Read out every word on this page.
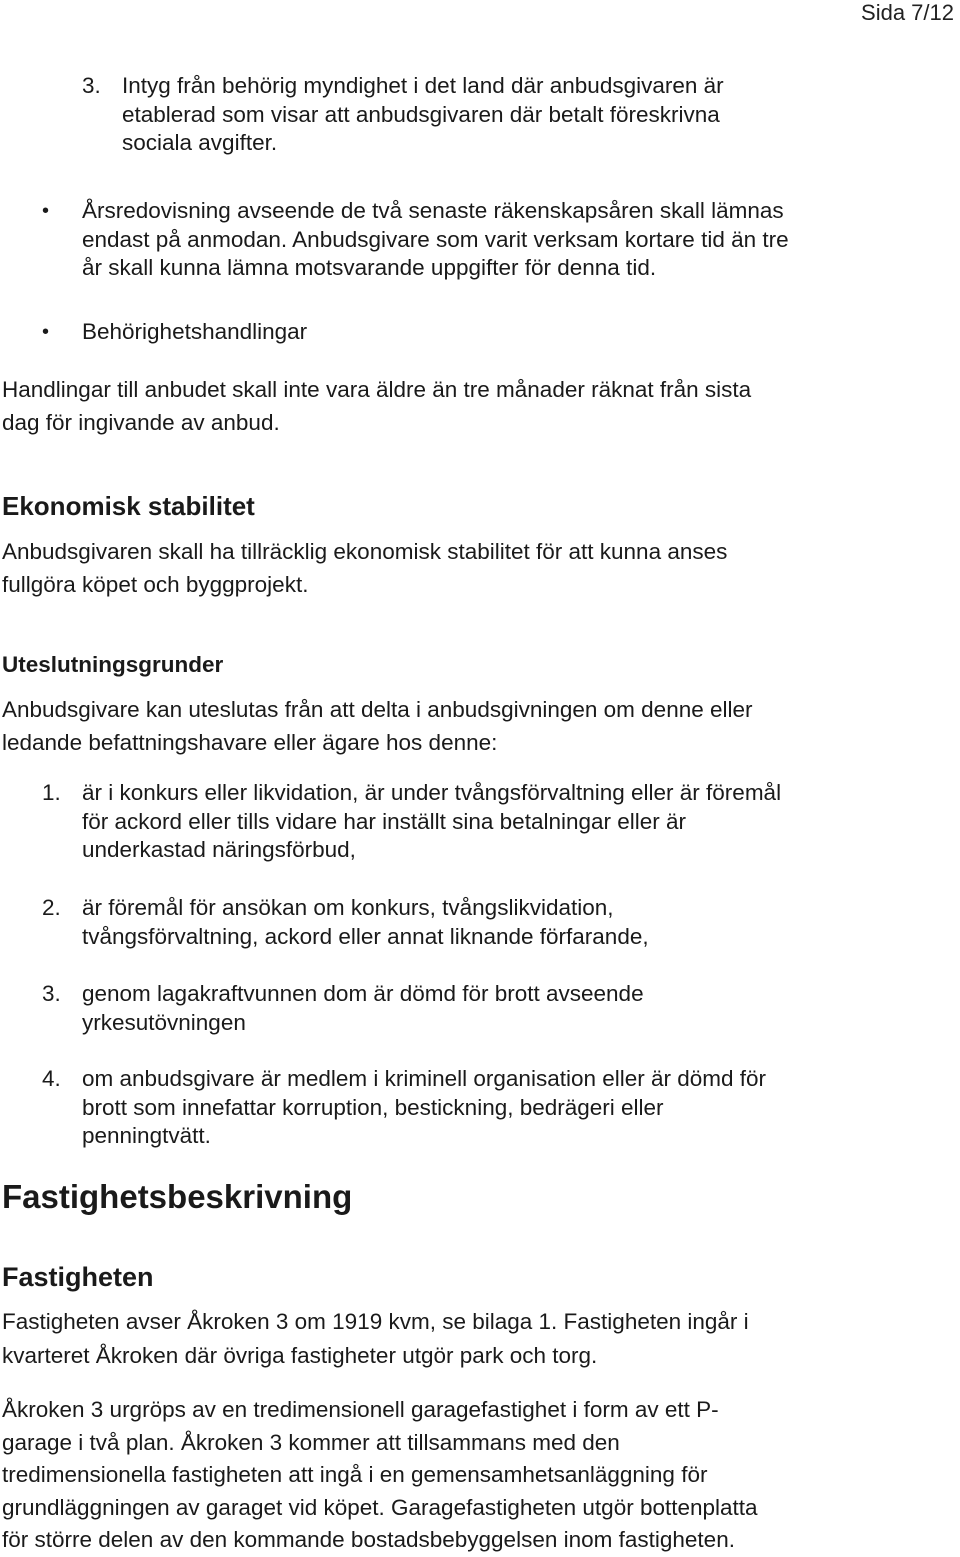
Sida 7/12
3. Intyg från behörig myndighet i det land där anbudsgivaren är
etablerad som visar att anbudsgivaren där betalt föreskrivna
sociala avgifter.
• Årsredovisning avseende de två senaste räkenskapsåren skall lämnas
endast på anmodan. Anbudsgivare som varit verksam kortare tid än tre
år skall kunna lämna motsvarande uppgifter för denna tid.
• Behörighetshandlingar
Handlingar till anbudet skall inte vara äldre än tre månader räknat från sista
dag för ingivande av anbud.
Ekonomisk stabilitet
Anbudsgivaren skall ha tillräcklig ekonomisk stabilitet för att kunna anses
fullgöra köpet och byggprojekt.
Uteslutningsgrunder
Anbudsgivare kan uteslutas från att delta i anbudsgivningen om denne eller
ledande befattningshavare eller ägare hos denne:
1. är i konkurs eller likvidation, är under tvångsförvaltning eller är föremål
för ackord eller tills vidare har inställt sina betalningar eller är
underkastad näringsförbud,
2. är föremål för ansökan om konkurs, tvångslikvidation,
tvångsförvaltning, ackord eller annat liknande förfarande,
3. genom lagakraftvunnen dom är dömd för brott avseende
yrkesutövningen
4. om anbudsgivare är medlem i kriminell organisation eller är dömd för
brott som innefattar korruption, bestickning, bedrägeri eller
penningtvätt.
Fastighetsbeskrivning
Fastigheten
Fastigheten avser Åkroken 3 om 1919 kvm, se bilaga 1. Fastigheten ingår i
kvarteret Åkroken där övriga fastigheter utgör park och torg.
Åkroken 3 urgröps av en tredimensionell garagefastighet i form av ett P-
garage i två plan. Åkroken 3 kommer att tillsammans med den
tredimensionella fastigheten att ingå i en gemensamhetsanläggning för
grundläggningen av garaget vid köpet. Garagefastigheten utgör bottenplatta
för större delen av den kommande bostadsbebyggelsen inom fastigheten.
